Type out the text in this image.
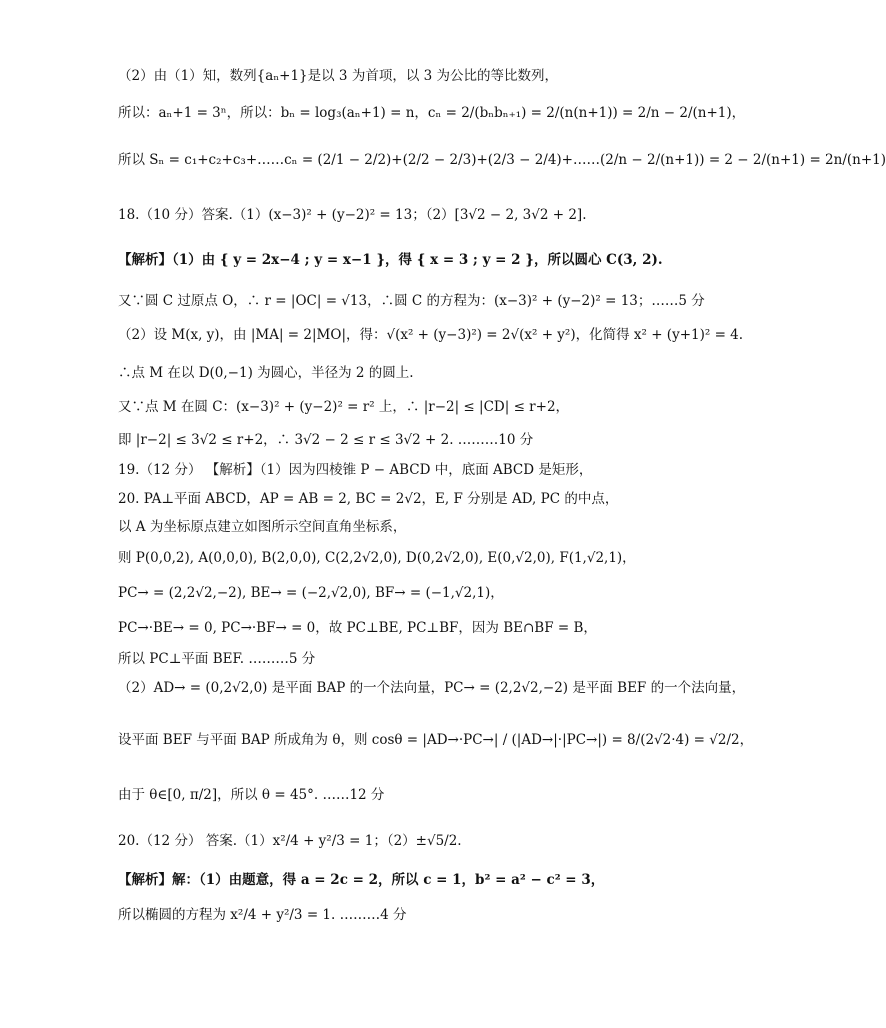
（2）由（1）知，数列{aₙ+1}是以 3 为首项，以 3 为公比的等比数列，
所以：aₙ+1 = 3ⁿ，所以：bₙ = log₃(aₙ+1) = n，cₙ = 2/(bₙbₙ₊₁) = 2/(n(n+1)) = 2/n − 2/(n+1)，
所以 Sₙ = c₁+c₂+c₃+……cₙ = (2/1 − 2/2)+(2/2 − 2/3)+(2/3 − 2/4)+……(2/n − 2/(n+1)) = 2 − 2/(n+1) = 2n/(n+1)
18.（10 分）答案.（1）(x−3)² + (y−2)² = 13；（2）[3√2 − 2, 3√2 + 2].
【解析】（1）由 { y = 2x−4 ; y = x−1 }，得 { x = 3 ; y = 2 }，所以圆心 C(3, 2).
又∵圆 C 过原点 O，∴ r = |OC| = √13，∴圆 C 的方程为：(x−3)² + (y−2)² = 13；……5 分
（2）设 M(x, y)，由 |MA| = 2|MO|，得：√(x² + (y−3)²) = 2√(x² + y²)，化简得 x² + (y+1)² = 4.
∴点 M 在以 D(0,−1) 为圆心，半径为 2 的圆上.
又∵点 M 在圆 C：(x−3)² + (y−2)² = r² 上，∴ |r−2| ≤ |CD| ≤ r+2，
即 |r−2| ≤ 3√2 ≤ r+2，∴ 3√2 − 2 ≤ r ≤ 3√2 + 2. ………10 分
19.（12 分） 【解析】（1）因为四棱锥 P − ABCD 中，底面 ABCD 是矩形，
20. PA⊥平面 ABCD，AP = AB = 2, BC = 2√2，E, F 分别是 AD, PC 的中点，
以 A 为坐标原点建立如图所示空间直角坐标系，
则 P(0,0,2), A(0,0,0), B(2,0,0), C(2,2√2,0), D(0,2√2,0), E(0,√2,0), F(1,√2,1)，
PC→ = (2,2√2,−2), BE→ = (−2,√2,0), BF→ = (−1,√2,1)，
PC→·BE→ = 0, PC→·BF→ = 0，故 PC⊥BE, PC⊥BF，因为 BE∩BF = B，
所以 PC⊥平面 BEF. ………5 分
（2）AD→ = (0,2√2,0) 是平面 BAP 的一个法向量，PC→ = (2,2√2,−2) 是平面 BEF 的一个法向量，
设平面 BEF 与平面 BAP 所成角为 θ，则 cosθ = |AD→·PC→| / (|AD→|·|PC→|) = 8/(2√2·4) = √2/2，
由于 θ∈[0, π/2]，所以 θ = 45°. ……12 分
20.（12 分） 答案.（1）x²/4 + y²/3 = 1；（2）±√5/2.
【解析】解：（1）由题意，得 a = 2c = 2，所以 c = 1，b² = a² − c² = 3，
所以椭圆的方程为 x²/4 + y²/3 = 1. ………4 分
